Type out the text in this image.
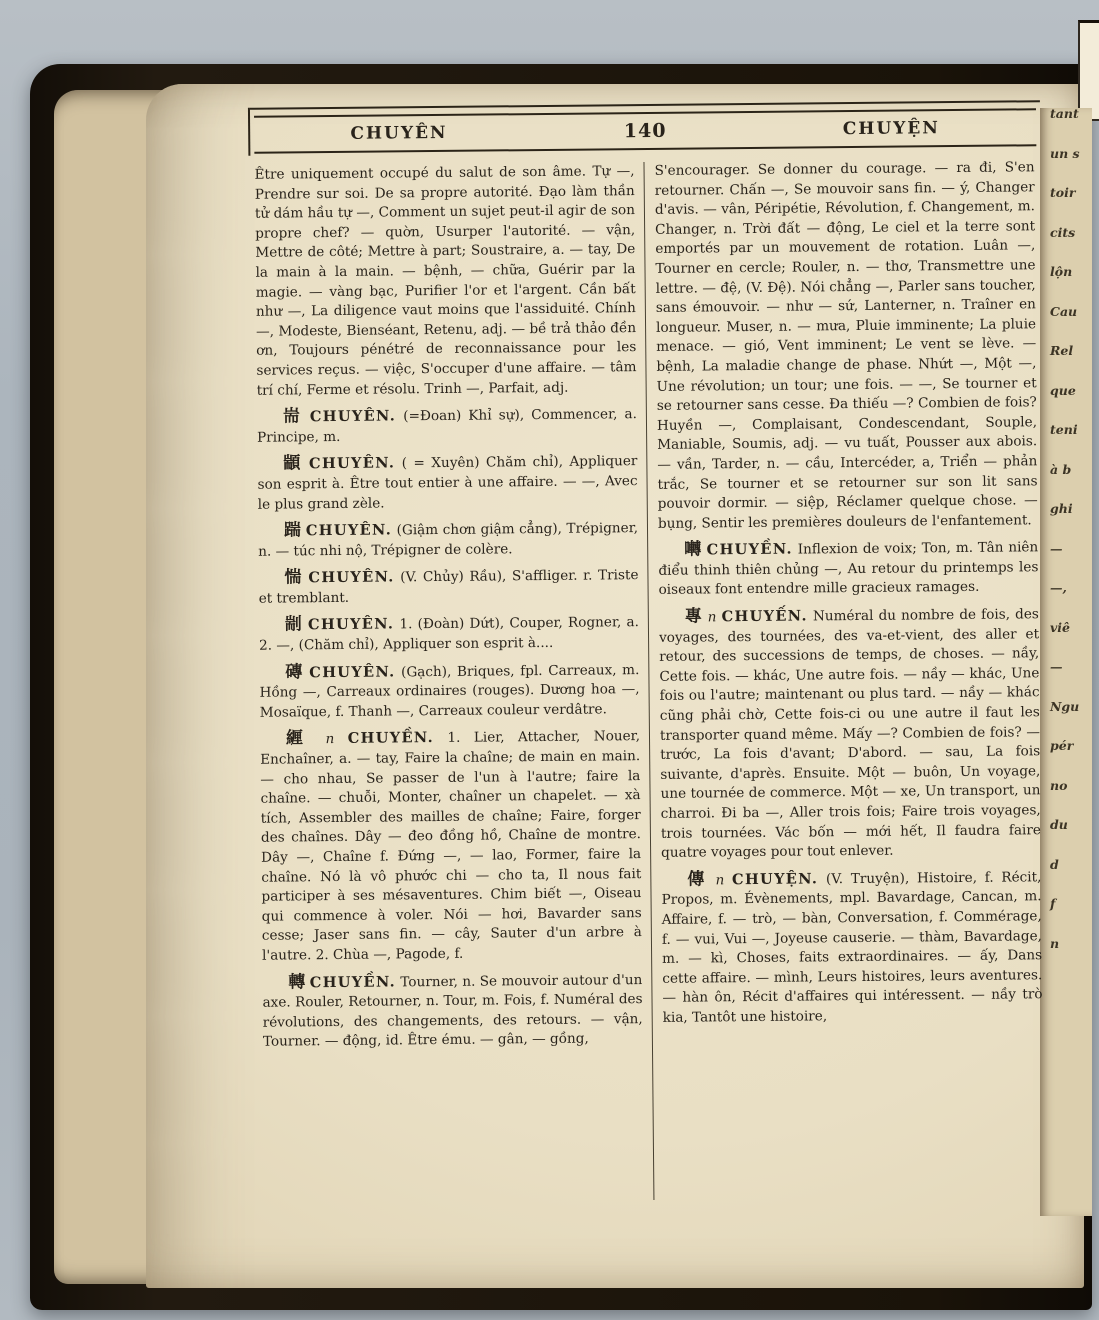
tant
un s
toir
cits
lộn
Cau
Rel
que
teni
à b
ghi
—
—,
viê
—
Ngu
pér
no
du
d
f
n
CHUYÊN	140	CHUYỆN

Être uniquement occupé du salut de son âme. Tự —, Prendre sur soi. De sa propre autorité. Đạo làm thần tử dám hầu tự —, Comment un sujet peut-il agir de son propre chef? — quờn, Usurper l'autorité. — vận, Mettre de côté; Mettre à part; Soustraire, a. — tay, De la main à la main. — bệnh, — chữa, Guérir par la magie. — vàng bạc, Purifier l'or et l'argent. Cần bất như —, La diligence vaut moins que l'assiduité. Chính —, Modeste, Bienséant, Retenu, adj. — bề trả thảo đền ơn, Toujours pénétré de reconnaissance pour les services reçus. — việc, S'occuper d'une affaire. — tâm trí chí, Ferme et résolu. Trinh —, Parfait, adj.

耑 CHUYÊN. (=Đoan) Khỉ sự), Commencer, a. Principe, m.

顓 CHUYÊN. ( = Xuyên) Chăm chỉ), Appliquer son esprit à. Être tout entier à une affaire. — —, Avec le plus grand zèle.

踹 CHUYÊN. (Giậm chơn giậm cẳng), Trépigner, n. — túc nhi nộ, Trépigner de colère.

惴 CHUYÊN. (V. Chủy) Rầu), S'affliger. r. Triste et tremblant.

剬 CHUYÊN. 1. (Đoàn) Dứt), Couper, Rogner, a. 2. —, (Chăm chỉ), Appliquer son esprit à....

磚 CHUYÊN. (Gạch), Briques, fpl. Carreaux, m. Hồng —, Carreaux ordinaires (rouges). Dương hoa —, Mosaïque, f. Thanh —, Carreaux couleur verdâtre.

緾 n CHUYỀN. 1. Lier, Attacher, Nouer, Enchaîner, a. — tay, Faire la chaîne; de main en main. — cho nhau, Se passer de l'un à l'autre; faire la chaîne. — chuỗi, Monter, chaîner un chapelet. — xà tích, Assembler des mailles de chaîne; Faire, forger des chaînes. Dây — đeo đồng hồ, Chaîne de montre. Dây —, Chaîne f. Đứng —, — lao, Former, faire la chaîne. Nó là vô phước chi — cho ta, Il nous fait participer à ses mésaventures. Chim biết —, Oiseau qui commence à voler. Nói — hơi, Bavarder sans cesse; Jaser sans fin. — cây, Sauter d'un arbre à l'autre. 2. Chùa —, Pagode, f.

轉 CHUYỀN. Tourner, n. Se mouvoir autour d'un axe. Rouler, Retourner, n. Tour, m. Fois, f. Numéral des révolutions, des changements, des retours. — vận, Tourner. — động, id. Être ému. — gân, — gồng,

S'encourager. Se donner du courage. — ra đi, S'en retourner. Chấn —, Se mouvoir sans fin. — ý, Changer d'avis. — vân, Péripétie, Révolution, f. Changement, m. Changer, n. Trời đất — động, Le ciel et la terre sont emportés par un mouvement de rotation. Luân —, Tourner en cercle; Rouler, n. — thơ, Transmettre une lettre. — đệ, (V. Đệ). Nói chẳng —, Parler sans toucher, sans émouvoir. — như — sứ, Lanterner, n. Traîner en longueur. Muser, n. — mưa, Pluie imminente; La pluie menace. — gió, Vent imminent; Le vent se lève. — bệnh, La maladie change de phase. Nhứt —, Một —, Une révolution; un tour; une fois. — —, Se tourner et se retourner sans cesse. Đa thiếu —? Combien de fois? Huyền —, Complaisant, Condescendant, Souple, Maniable, Soumis, adj. — vu tuất, Pousser aux abois. — vần, Tarder, n. — cầu, Intercéder, a, Triển — phản trắc, Se tourner et se retourner sur son lit sans pouvoir dormir. — siệp, Réclamer quelque chose. — bụng, Sentir les premières douleurs de l'enfantement.

囀 CHUYỀN. Inflexion de voix; Ton, m. Tân niên điểu thinh thiên chủng —, Au retour du printemps les oiseaux font entendre mille gracieux ramages.

專 n CHUYẾN. Numéral du nombre de fois, des voyages, des tournées, des va-et-vient, des aller et retour, des successions de temps, de choses. — nầy, Cette fois. — khác, Une autre fois. — nầy — khác, Une fois ou l'autre; maintenant ou plus tard. — nầy — khác cũng phải chờ, Cette fois-ci ou une autre il faut les transporter quand même. Mấy —? Combien de fois? — trước, La fois d'avant; D'abord. — sau, La fois suivante, d'après. Ensuite. Một — buôn, Un voyage, une tournée de commerce. Một — xe, Un transport, un charroi. Đi ba —, Aller trois fois; Faire trois voyages, trois tournées. Vác bốn — mới hết, Il faudra faire quatre voyages pour tout enlever.

傳 n CHUYỆN. (V. Truyện), Histoire, f. Récit, Propos, m. Évènements, mpl. Bavardage, Cancan, m. Affaire, f. — trò, — bàn, Conversation, f. Commérage, f. — vui, Vui —, Joyeuse causerie. — thàm, Bavardage, m. — kì, Choses, faits extraordinaires. — ấy, Dans cette affaire. — mình, Leurs histoires, leurs aventures. — hàn ôn, Récit d'affaires qui intéressent. — nầy trò kia, Tantôt une histoire,
